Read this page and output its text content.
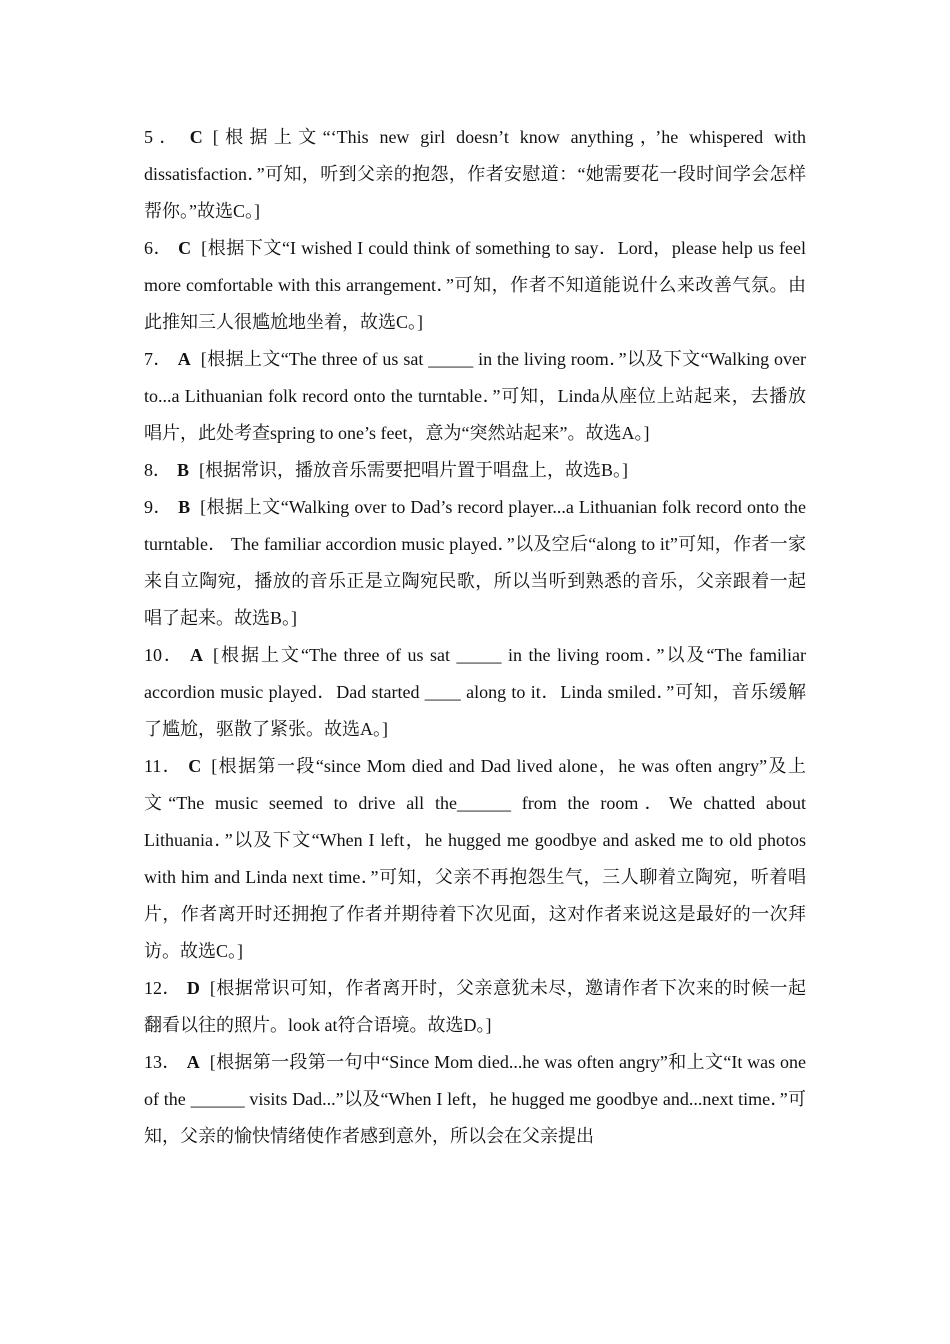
5． C [根据上文“‘This new girl doesn’t know anything，’he whispered with dissatisfaction．”可知，听到父亲的抱怨，作者安慰道：“她需要花一段时间学会怎样帮你。”故选C。]

6． C [根据下文“I wished I could think of something to say．Lord，please help us feel more comfortable with this arrangement．”可知，作者不知道能说什么来改善气氛。由此推知三人很尴尬地坐着，故选C。]

7． A [根据上文“The three of us sat _____ in the living room．”以及下文“Walking over to...a Lithuanian folk record onto the turntable．”可知，Linda从座位上站起来，去播放唱片，此处考查spring to one’s feet，意为“突然站起来”。故选A。]

8． B [根据常识，播放音乐需要把唱片置于唱盘上，故选B。]

9． B [根据上文“Walking over to Dad’s record player...a Lithuanian folk record onto the turntable． The familiar accordion music played．”以及空后“along to it”可知，作者一家来自立陶宛，播放的音乐正是立陶宛民歌，所以当听到熟悉的音乐，父亲跟着一起唱了起来。故选B。]

10． A [根据上文“The three of us sat _____ in the living room．”以及“The familiar accordion music played．Dad started ____ along to it．Linda smiled．”可知，音乐缓解了尴尬，驱散了紧张。故选A。]

11． C [根据第一段“since Mom died and Dad lived alone，he was often angry”及上文“The music seemed to drive all the______ from the room．We chatted about Lithuania．”以及下文“When I left，he hugged me goodbye and asked me to old photos with him and Linda next time．”可知，父亲不再抱怨生气，三人聊着立陶宛，听着唱片，作者离开时还拥抱了作者并期待着下次见面，这对作者来说这是最好的一次拜访。故选C。]

12． D [根据常识可知，作者离开时，父亲意犹未尽，邀请作者下次来的时候一起翻看以往的照片。look at符合语境。故选D。]

13． A [根据第一段第一句中“Since Mom died...he was often angry”和上文“It was one of the ______ visits Dad...”以及“When I left，he hugged me goodbye and...next time．”可知，父亲的愉快情绪使作者感到意外，所以会在父亲提出
